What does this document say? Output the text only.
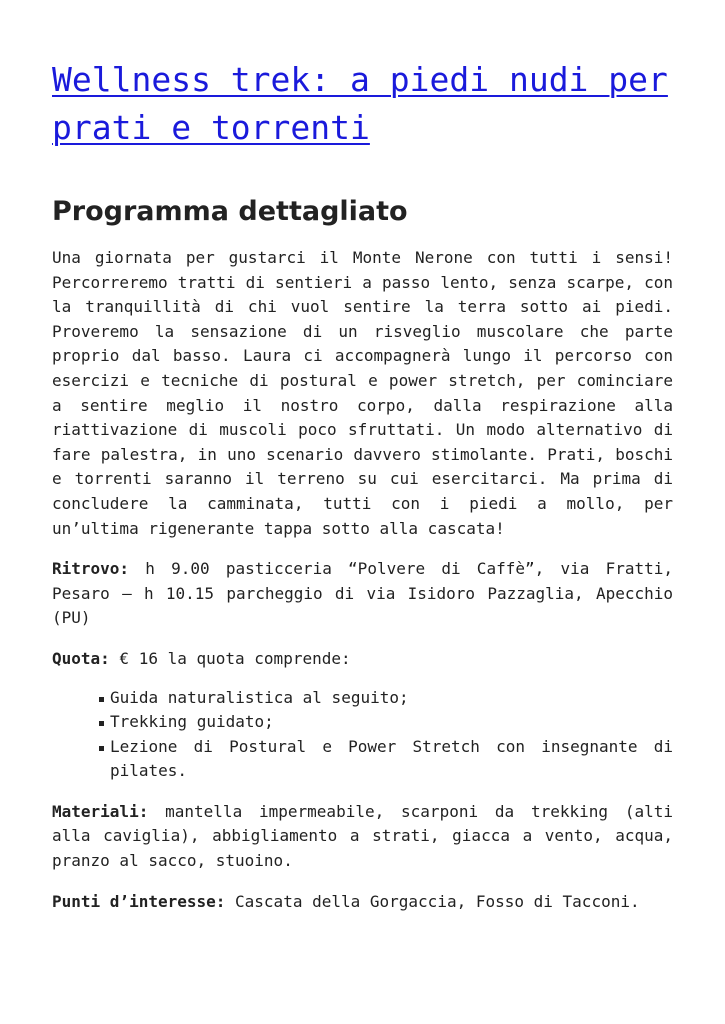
Wellness trek: a piedi nudi per prati e torrenti
Programma dettagliato

Una giornata per gustarci il Monte Nerone con tutti i sensi! Percorreremo tratti di sentieri a passo lento, senza scarpe, con la tranquillità di chi vuol sentire la terra sotto ai piedi. Proveremo la sensazione di un risveglio muscolare che parte proprio dal basso. Laura ci accompagnerà lungo il percorso con esercizi e tecniche di postural e power stretch, per cominciare a sentire meglio il nostro corpo, dalla respirazione alla riattivazione di muscoli poco sfruttati. Un modo alternativo di fare palestra, in uno scenario davvero stimolante. Prati, boschi e torrenti saranno il terreno su cui esercitarci. Ma prima di concludere la camminata, tutti con i piedi a mollo, per un’ultima rigenerante tappa sotto alla cascata!

Ritrovo: h 9.00 pasticceria “Polvere di Caffè”, via Fratti, Pesaro – h 10.15 parcheggio di via Isidoro Pazzaglia, Apecchio (PU)

Quota: € 16 la quota comprende:

Guida naturalistica al seguito;
Trekking guidato;
Lezione di Postural e Power Stretch con insegnante di pilates.

Materiali: mantella impermeabile, scarponi da trekking (alti alla caviglia), abbigliamento a strati, giacca a vento, acqua, pranzo al sacco, stuoino.

Punti d’interesse: Cascata della Gorgaccia, Fosso di Tacconi.
